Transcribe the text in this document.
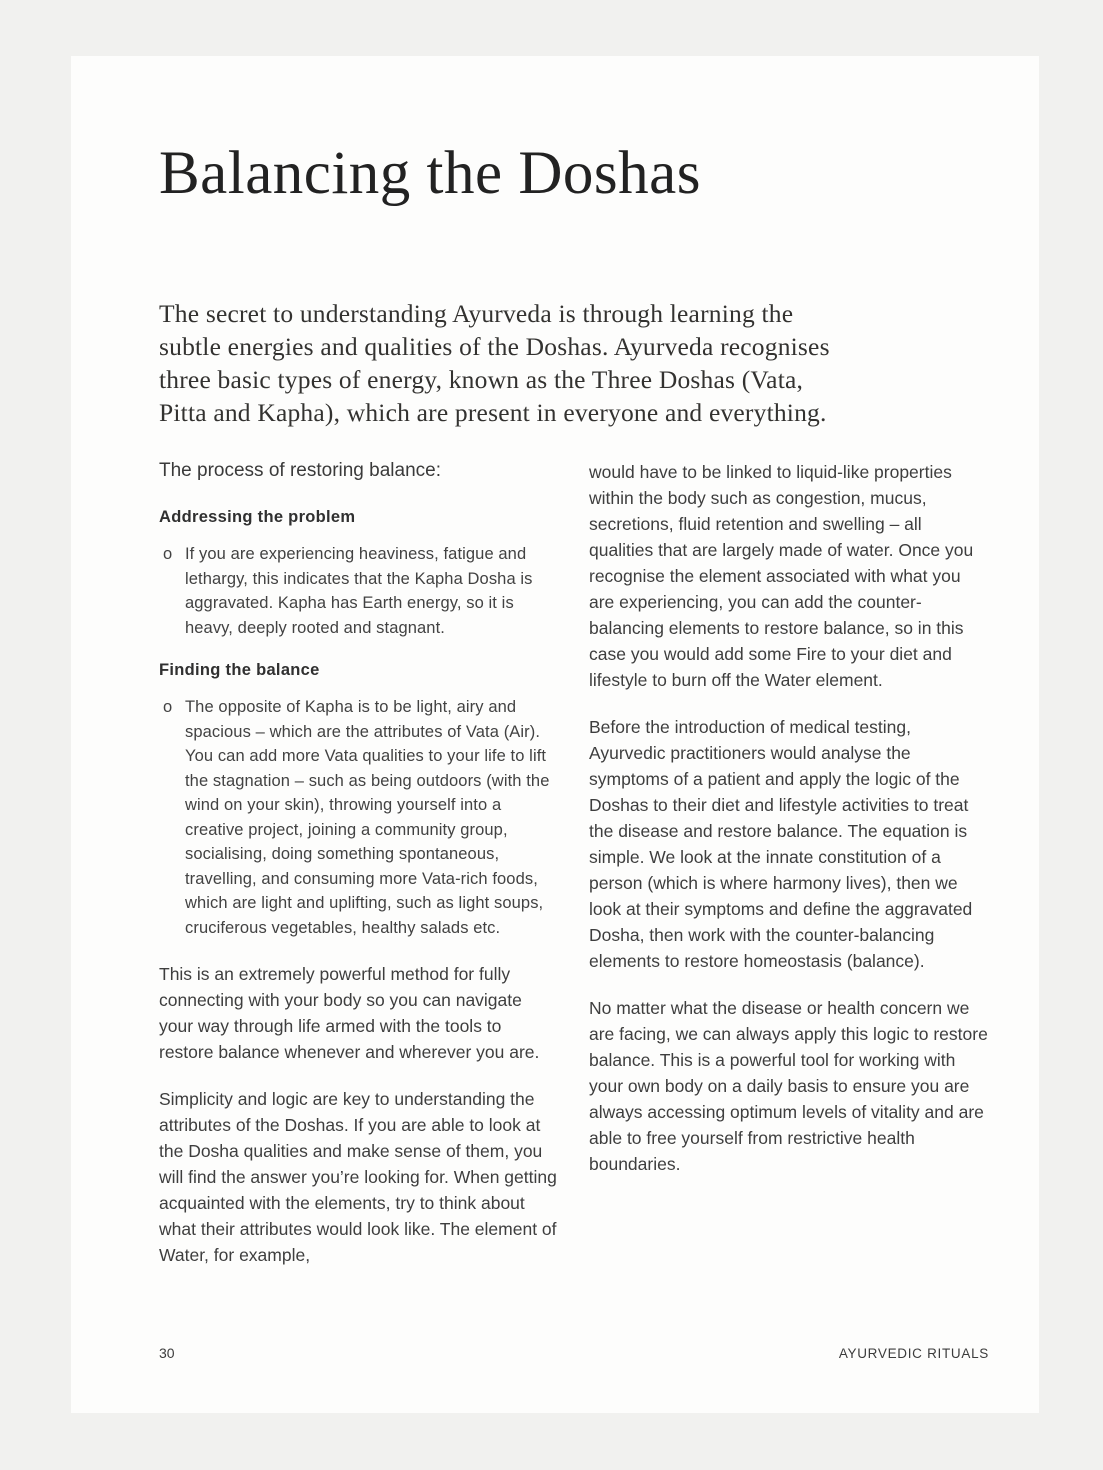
Balancing the Doshas

The secret to understanding Ayurveda is through learning the subtle energies and qualities of the Doshas. Ayurveda recognises three basic types of energy, known as the Three Doshas (Vata, Pitta and Kapha), which are present in everyone and everything.

The process of restoring balance:

Addressing the problem

o If you are experiencing heaviness, fatigue and lethargy, this indicates that the Kapha Dosha is aggravated. Kapha has Earth energy, so it is heavy, deeply rooted and stagnant.

Finding the balance

o The opposite of Kapha is to be light, airy and spacious – which are the attributes of Vata (Air). You can add more Vata qualities to your life to lift the stagnation – such as being outdoors (with the wind on your skin), throwing yourself into a creative project, joining a community group, socialising, doing something spontaneous, travelling, and consuming more Vata-rich foods, which are light and uplifting, such as light soups, cruciferous vegetables, healthy salads etc.

This is an extremely powerful method for fully connecting with your body so you can navigate your way through life armed with the tools to restore balance whenever and wherever you are.

Simplicity and logic are key to understanding the attributes of the Doshas. If you are able to look at the Dosha qualities and make sense of them, you will find the answer you’re looking for. When getting acquainted with the elements, try to think about what their attributes would look like. The element of Water, for example,

would have to be linked to liquid-like properties within the body such as congestion, mucus, secretions, fluid retention and swelling – all qualities that are largely made of water. Once you recognise the element associated with what you are experiencing, you can add the counter-balancing elements to restore balance, so in this case you would add some Fire to your diet and lifestyle to burn off the Water element.

Before the introduction of medical testing, Ayurvedic practitioners would analyse the symptoms of a patient and apply the logic of the Doshas to their diet and lifestyle activities to treat the disease and restore balance. The equation is simple. We look at the innate constitution of a person (which is where harmony lives), then we look at their symptoms and define the aggravated Dosha, then work with the counter-balancing elements to restore homeostasis (balance).

No matter what the disease or health concern we are facing, we can always apply this logic to restore balance. This is a powerful tool for working with your own body on a daily basis to ensure you are always accessing optimum levels of vitality and are able to free yourself from restrictive health boundaries.

30	AYURVEDIC RITUALS
